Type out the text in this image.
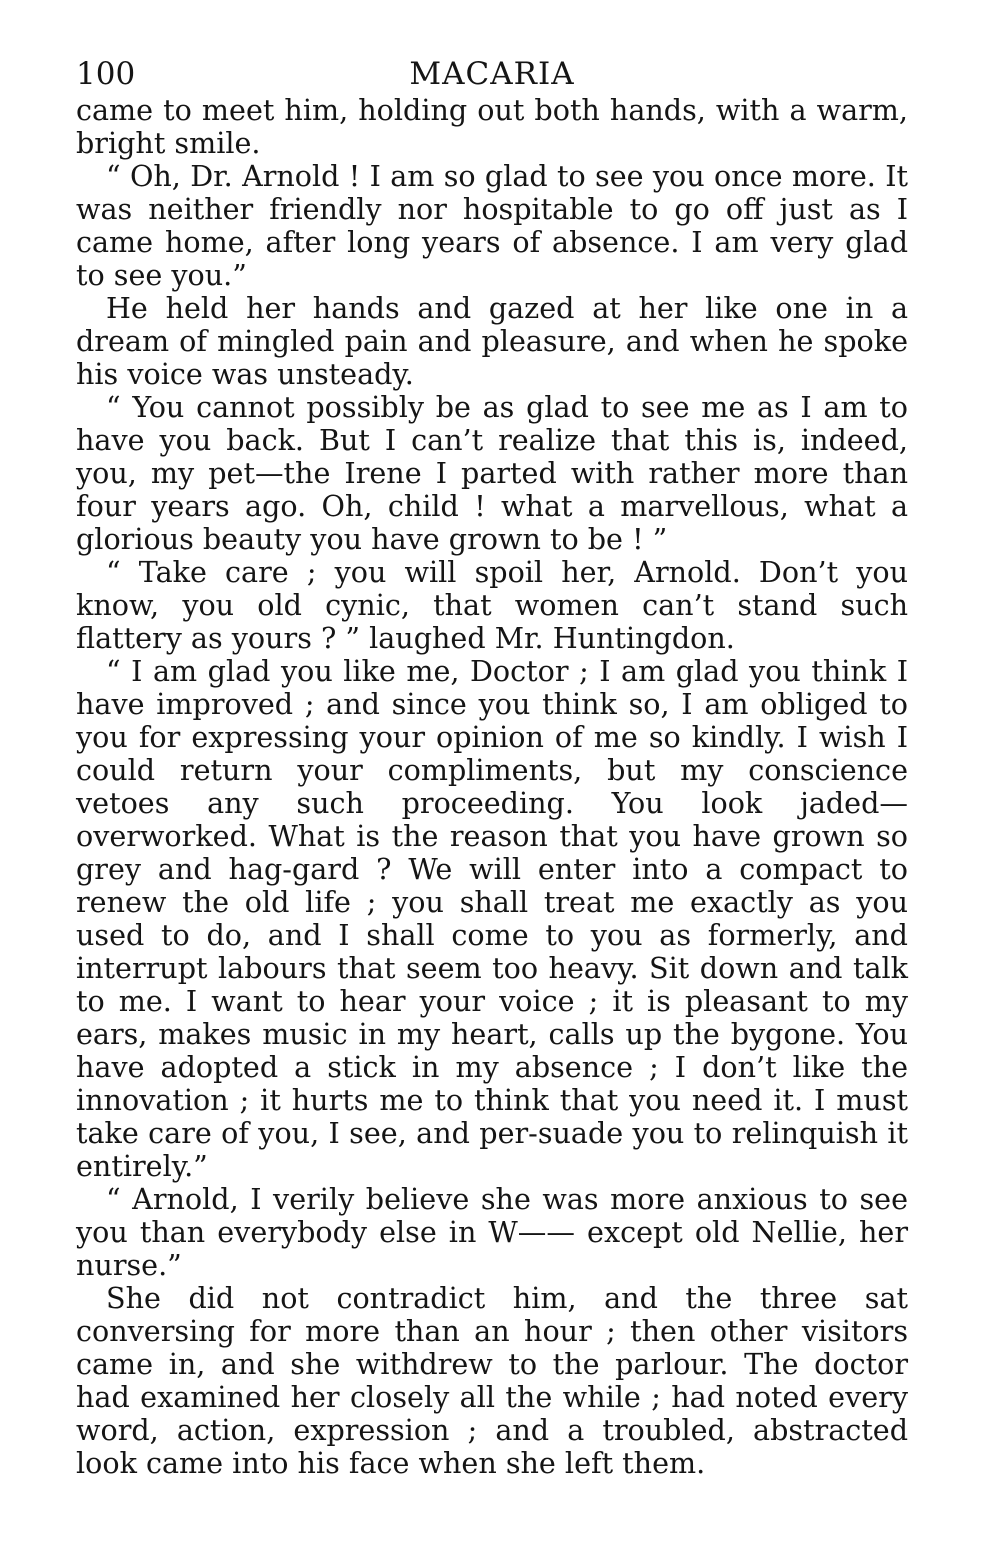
100	MACARIA

came to meet him, holding out both hands, with a warm, bright smile.

“ Oh, Dr. Arnold ! I am so glad to see you once more. It was neither friendly nor hospitable to go off just as I came home, after long years of absence. I am very glad to see you.”

He held her hands and gazed at her like one in a dream of mingled pain and pleasure, and when he spoke his voice was unsteady.

“ You cannot possibly be as glad to see me as I am to have you back. But I can’t realize that this is, indeed, you, my pet—the Irene I parted with rather more than four years ago. Oh, child ! what a marvellous, what a glorious beauty you have grown to be ! ”

“ Take care ; you will spoil her, Arnold. Don’t you know, you old cynic, that women can’t stand such flattery as yours ? ” laughed Mr. Huntingdon.

“ I am glad you like me, Doctor ; I am glad you think I have improved ; and since you think so, I am obliged to you for expressing your opinion of me so kindly. I wish I could return your compliments, but my conscience vetoes any such proceeding. You look jaded—overworked. What is the reason that you have grown so grey and hag-gard ? We will enter into a compact to renew the old life ; you shall treat me exactly as you used to do, and I shall come to you as formerly, and interrupt labours that seem too heavy. Sit down and talk to me. I want to hear your voice ; it is pleasant to my ears, makes music in my heart, calls up the bygone. You have adopted a stick in my absence ; I don’t like the innovation ; it hurts me to think that you need it. I must take care of you, I see, and per-suade you to relinquish it entirely.”

“ Arnold, I verily believe she was more anxious to see you than everybody else in W—— except old Nellie, her nurse.”

She did not contradict him, and the three sat conversing for more than an hour ; then other visitors came in, and she withdrew to the parlour. The doctor had examined her closely all the while ; had noted every word, action, expression ; and a troubled, abstracted look came into his face when she left them.
